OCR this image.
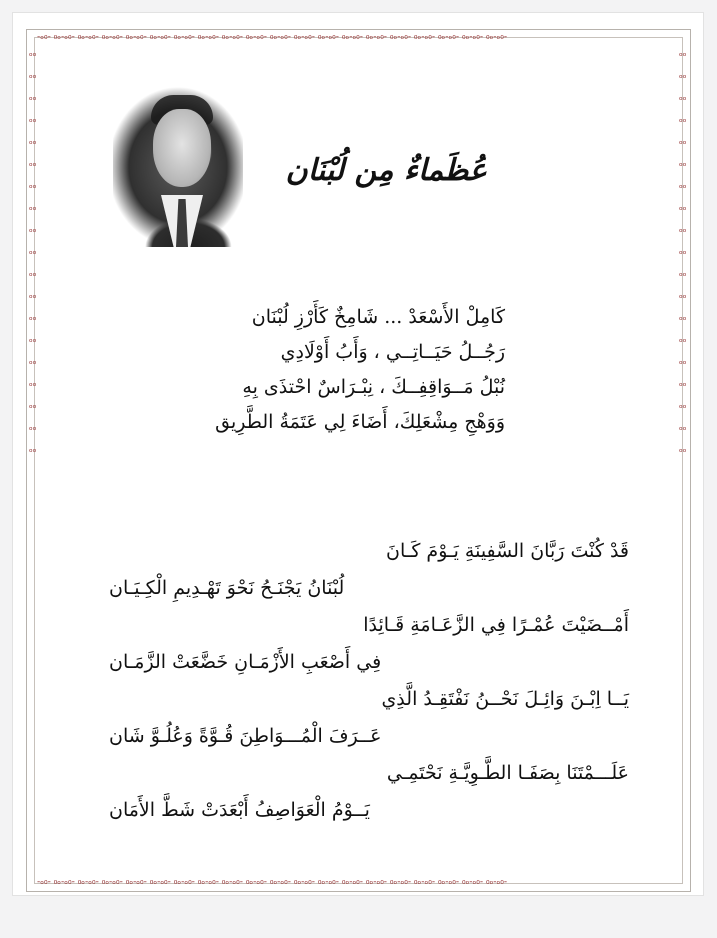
-ₒ₀- ₀ₒ-ₒ₀- ₀ₒ-ₒ₀- ₀ₒ-ₒ₀- ₀ₒ-ₒ₀- ₀ₒ-ₒ₀- ₀ₒ-ₒ₀- ₀ₒ-ₒ₀- ₀ₒ-ₒ₀- ₀ₒ-ₒ₀- ₀ₒ-ₒ₀- ₀ₒ-ₒ₀- ₀ₒ-ₒ₀- ₀ₒ-ₒ₀- ₀ₒ-ₒ₀- ₀ₒ-ₒ₀- ₀ₒ-ₒ₀- ₀ₒ-ₒ₀- ₀ₒ-ₒ₀- ₀ₒ-ₒ₀-
-ₒ₀- ₀ₒ-ₒ₀- ₀ₒ-ₒ₀- ₀ₒ-ₒ₀- ₀ₒ-ₒ₀- ₀ₒ-ₒ₀- ₀ₒ-ₒ₀- ₀ₒ-ₒ₀- ₀ₒ-ₒ₀- ₀ₒ-ₒ₀- ₀ₒ-ₒ₀- ₀ₒ-ₒ₀- ₀ₒ-ₒ₀- ₀ₒ-ₒ₀- ₀ₒ-ₒ₀- ₀ₒ-ₒ₀- ₀ₒ-ₒ₀- ₀ₒ-ₒ₀- ₀ₒ-ₒ₀- ₀ₒ-ₒ₀-
ₒₒₒₒₒₒₒₒₒₒₒₒₒₒₒₒₒₒₒₒₒₒₒₒₒₒₒₒₒₒₒₒₒₒₒₒₒₒ
ₒₒₒₒₒₒₒₒₒₒₒₒₒₒₒₒₒₒₒₒₒₒₒₒₒₒₒₒₒₒₒₒₒₒₒₒₒₒ
عُظَماءٌ مِن لُبْنَان
كَامِلْ الأَسْعَدْ ... شَامِخٌ كَأَرْزِ لُبْنَان
رَجُــلُ حَيَــاتِــي ، وَأَبُ أَوْلَادِي
نُبْلُ مَــوَاقِفِــكَ ، نِبْـرَاسٌ احْتذَى بِهِ
وَوَهْجِ مِشْعَلِكَ، أَضَاءَ لِي عَتَمَةُ الطَّرِيق
قَدْ كُنْتَ رَبَّانَ السَّفِينَةِ يَـوْمَ كَـانَ
لُبْنَانُ يَجْنَـحُ نَحْوَ تَهْـدِيمِ الْكِـيَـان
أَمْــضَيْتَ عُمْـرًا فِي الزَّعَـامَةِ قَـائِدًا
فِي أَصْعَبِ الأَزْمَـانِ خَضَّعَتْ الزَّمَـان
يَــا اِبْـنَ وَائِـلَ نَحْــنُ نَفْتَقِـدُ الَّذِي
عَــرَفَ الْمُـــوَاطِنَ قُـوَّةً وَعُلُـوَّ شَان
عَلَـــمْتَنَا بِصَفَـا الطَّـوِيَّـةِ نَحْتَمِـي
يَــوْمُ الْعَوَاصِفُ أَبْعَدَتْ شَطَّ الأَمَان
